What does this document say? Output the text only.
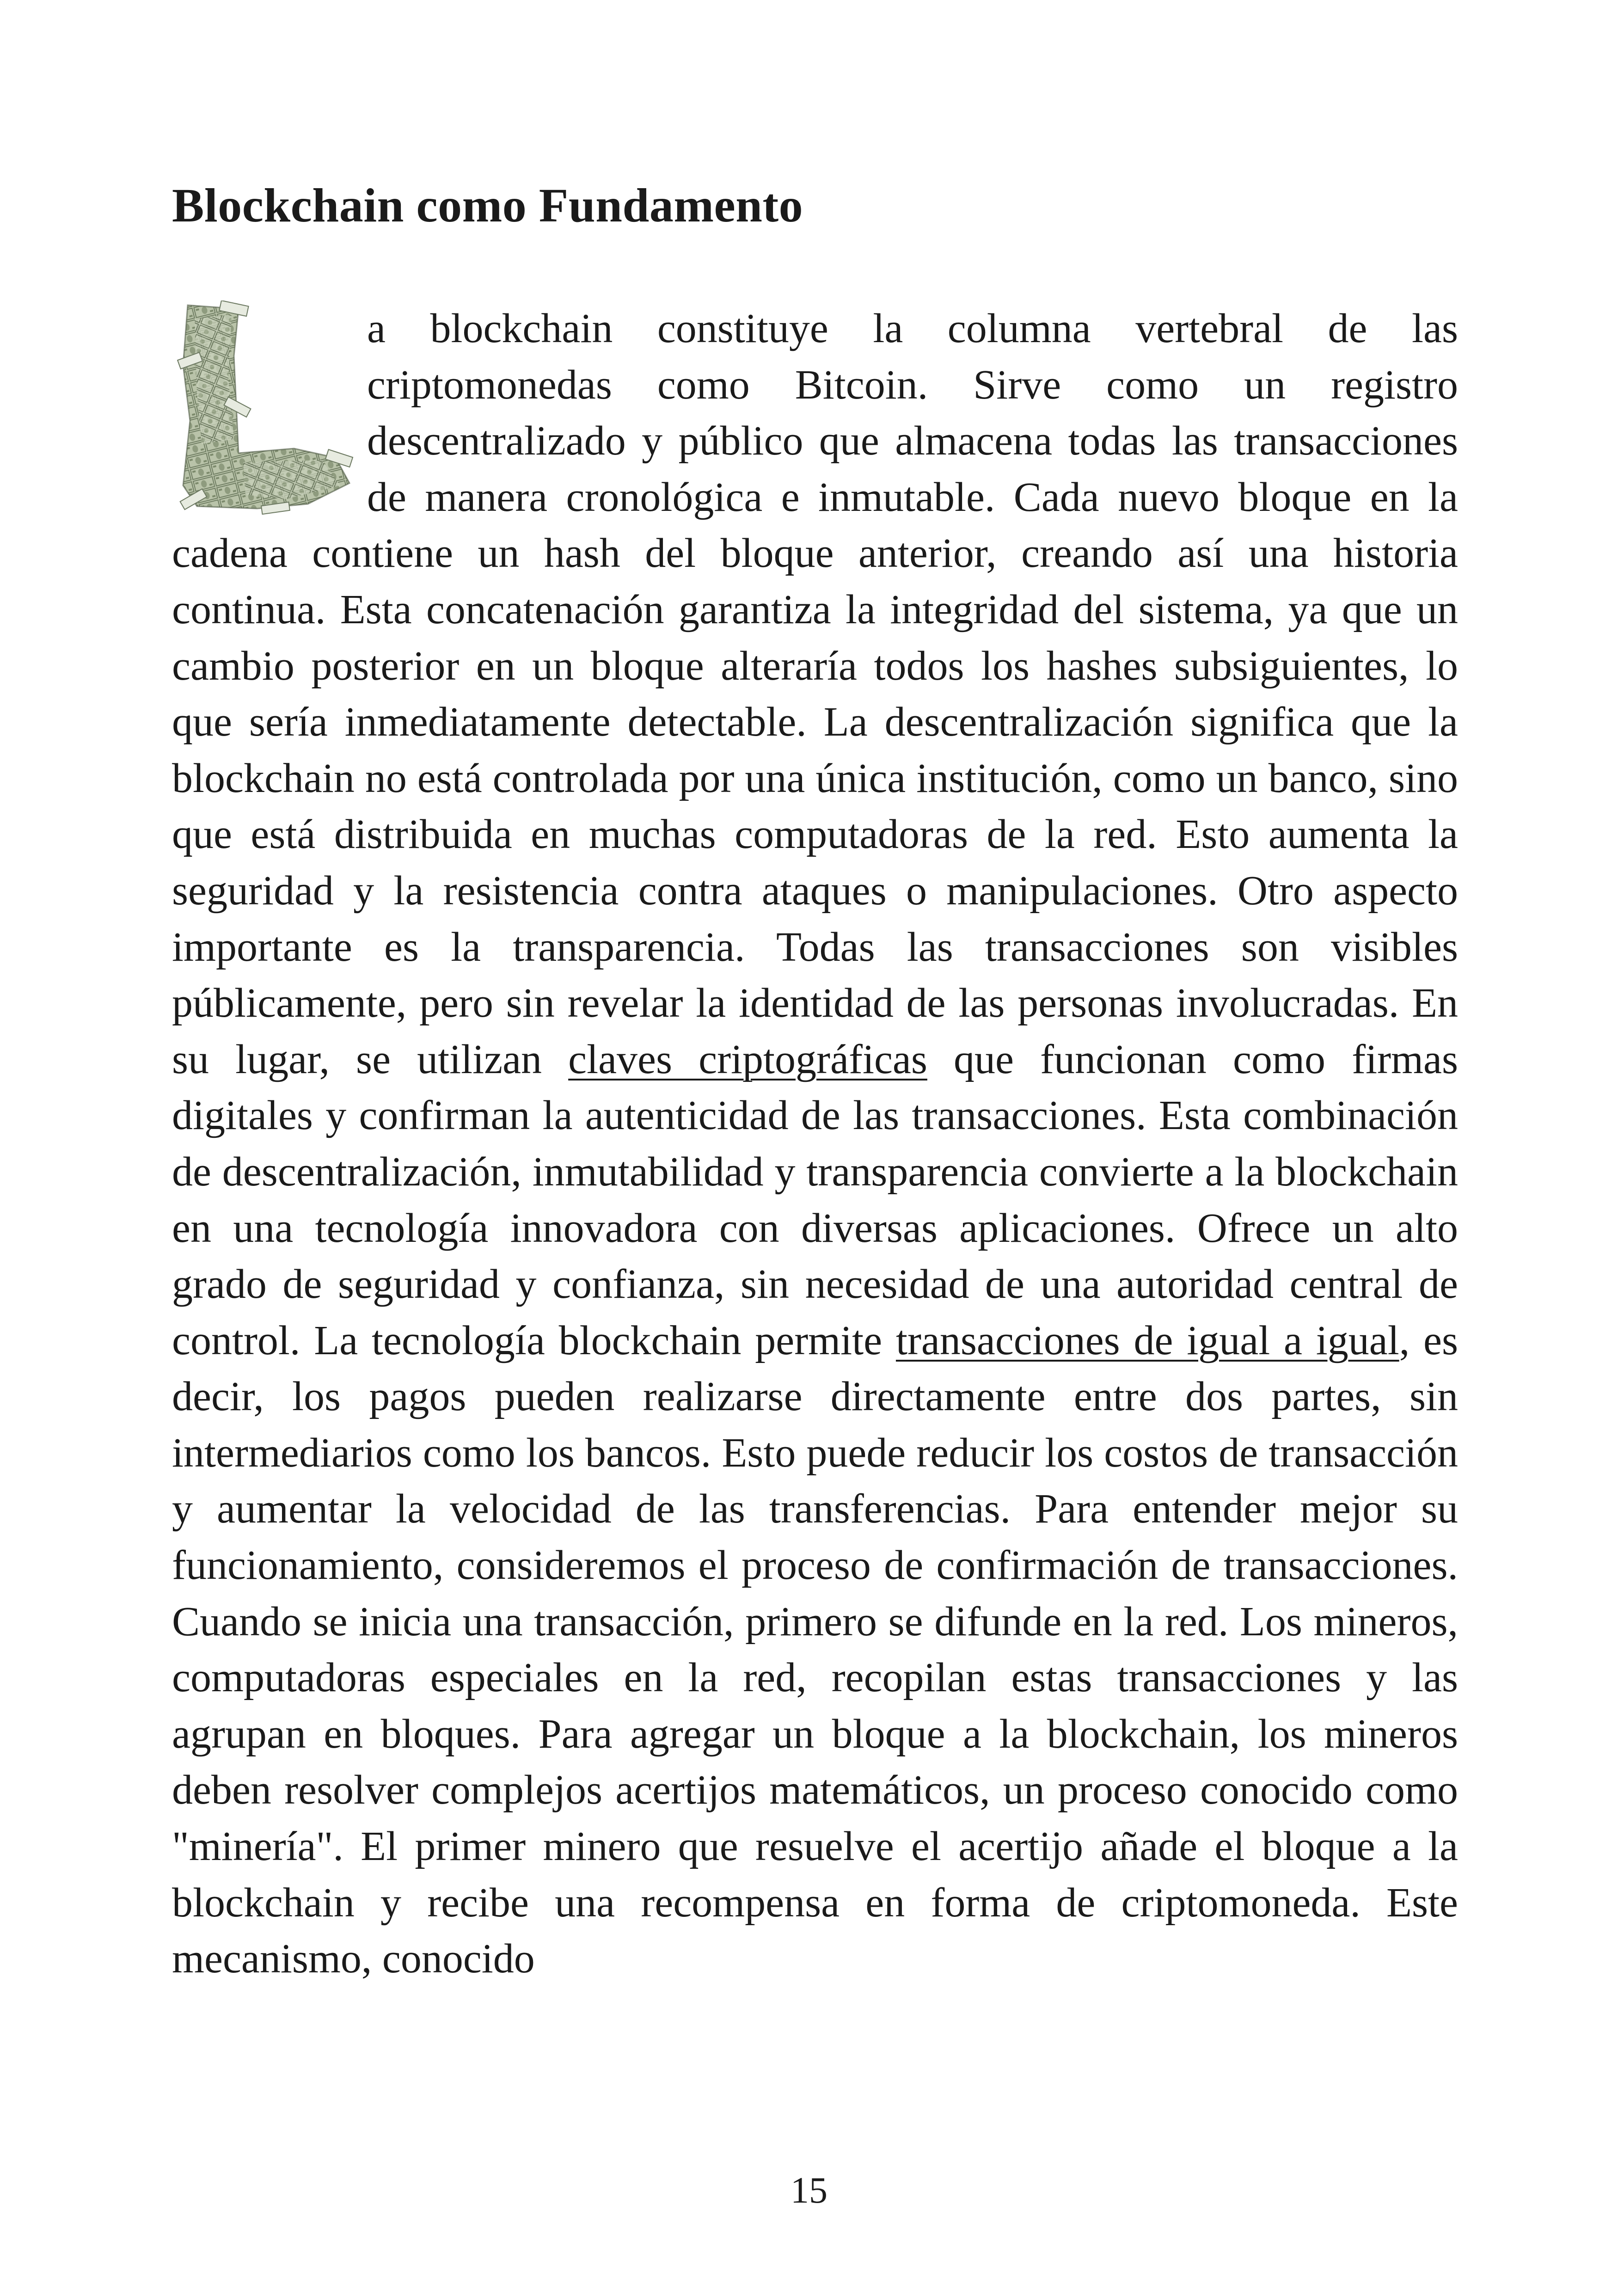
Blockchain como Fundamento

a blockchain constituye la columna vertebral de las criptomonedas como Bitcoin. Sirve como un registro descentralizado y público que almacena todas las transacciones de manera cronológica e inmutable. Cada nuevo bloque en la cadena contiene un hash del bloque anterior, creando así una historia continua. Esta concatenación garantiza la integridad del sistema, ya que un cambio posterior en un bloque alteraría todos los hashes subsiguientes, lo que sería inmediatamente detectable. La descentralización significa que la blockchain no está controlada por una única institución, como un banco, sino que está distribuida en muchas computadoras de la red. Esto aumenta la seguridad y la resistencia contra ataques o manipulaciones. Otro aspecto importante es la transparencia. Todas las transacciones son visibles públicamente, pero sin revelar la identidad de las personas involucradas. En su lugar, se utilizan claves criptográficas que funcionan como firmas digitales y confirman la autenticidad de las transacciones. Esta combinación de descentralización, inmutabilidad y transparencia convierte a la blockchain en una tecnología innovadora con diversas aplicaciones. Ofrece un alto grado de seguridad y confianza, sin necesidad de una autoridad central de control. La tecnología blockchain permite transacciones de igual a igual, es decir, los pagos pueden realizarse directamente entre dos partes, sin intermediarios como los bancos. Esto puede reducir los costos de transacción y aumentar la velocidad de las transferencias. Para entender mejor su funcionamiento, consideremos el proceso de confirmación de transacciones. Cuando se inicia una transacción, primero se difunde en la red. Los mineros, computadoras especiales en la red, recopilan estas transacciones y las agrupan en bloques. Para agregar un bloque a la blockchain, los mineros deben resolver complejos acertijos matemáticos, un proceso conocido como "minería". El primer minero que resuelve el acertijo añade el bloque a la blockchain y recibe una recompensa en forma de criptomoneda. Este mecanismo, conocido

15
